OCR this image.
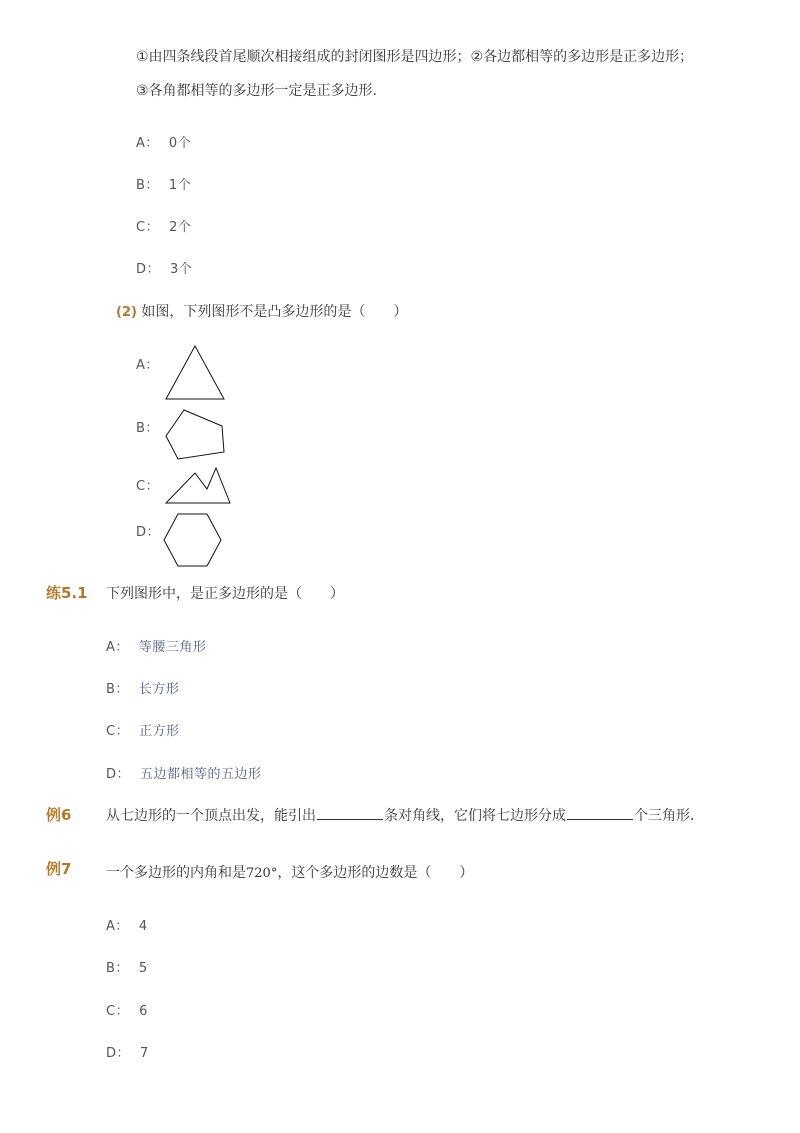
①由四条线段首尾顺次相接组成的封闭图形是四边形；②各边都相等的多边形是正多边形；
③各角都相等的多边形一定是正多边形．
A： 0个
B： 1个
C： 2个
D： 3个
(2) 如图，下列图形不是凸多边形的是（　　）
A：
B：
C：
D：
练5.1 下列图形中，是正多边形的是（　　）
A： 等腰三角形
B： 长方形
C： 正方形
D： 五边都相等的五边形
例6 从七边形的一个顶点出发，能引出	条对角线，它们将七边形分成	个三角形．
例7 一个多边形的内角和是720°，这个多边形的边数是（　　）
A： 4
B： 5
C： 6
D： 7
